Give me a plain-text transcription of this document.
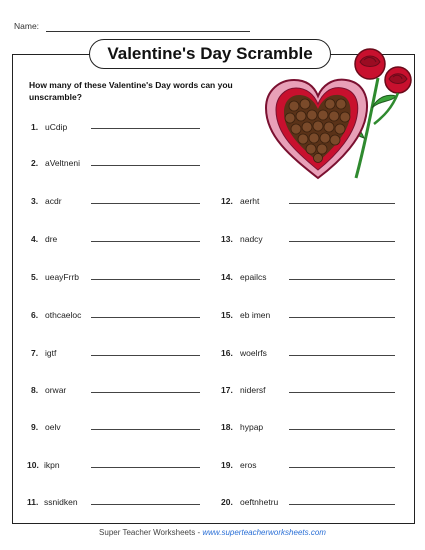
Name:
Valentine's Day Scramble
How many of these Valentine's Day words can you unscramble?
1. uCdip
2. aVeltneni
3. acdr
4. dre
5. ueayFrrb
6. othcaeloc
7. igtf
8. orwar
9. oelv
10. ikpn
11. ssnidken
12. aerht
13. nadcy
14. epailcs
15. eb imen
16. woelrfs
17. nidersf
18. hypap
19. eros
20. oeftnhetru
Super Teacher Worksheets - www.superteacherworksheets.com
